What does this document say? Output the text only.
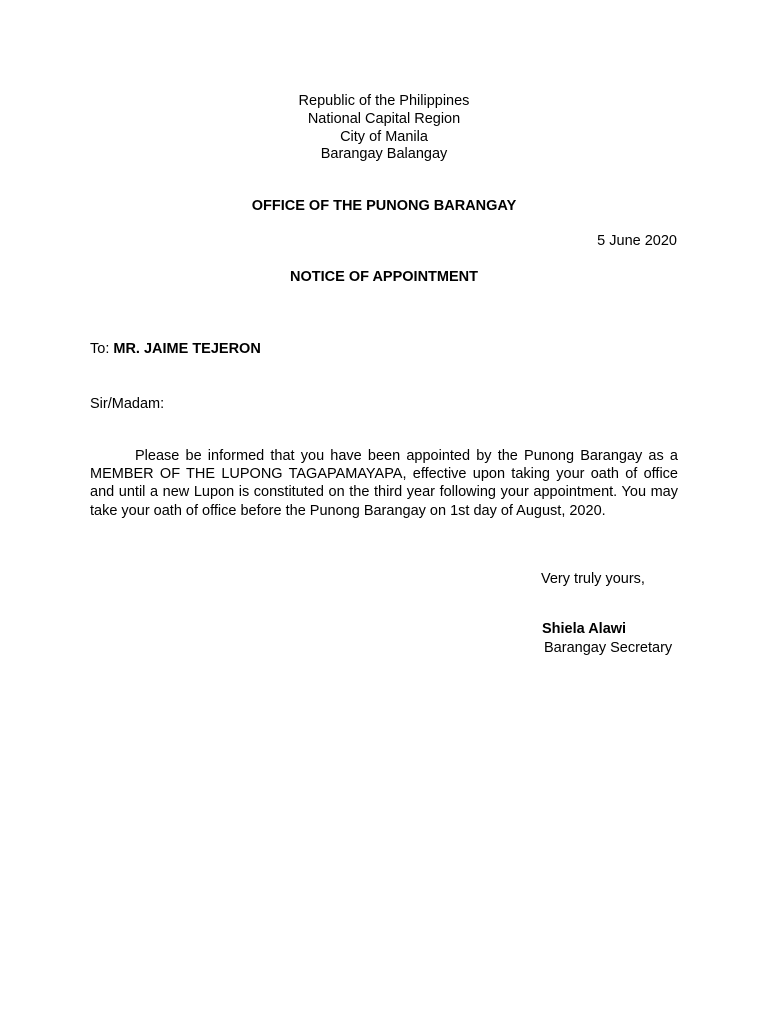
Republic of the Philippines
National Capital Region
City of Manila
Barangay Balangay
OFFICE OF THE PUNONG BARANGAY
5 June 2020
NOTICE OF APPOINTMENT
To: MR. JAIME TEJERON
Sir/Madam:
Please be informed that you have been appointed by the Punong Barangay as a MEMBER OF THE LUPONG TAGAPAMAYAPA, effective upon taking your oath of office and until a new Lupon is constituted on the third year following your appointment. You may take your oath of office before the Punong Barangay on 1st day of August, 2020.
Very truly yours,
Shiela Alawi
Barangay Secretary
